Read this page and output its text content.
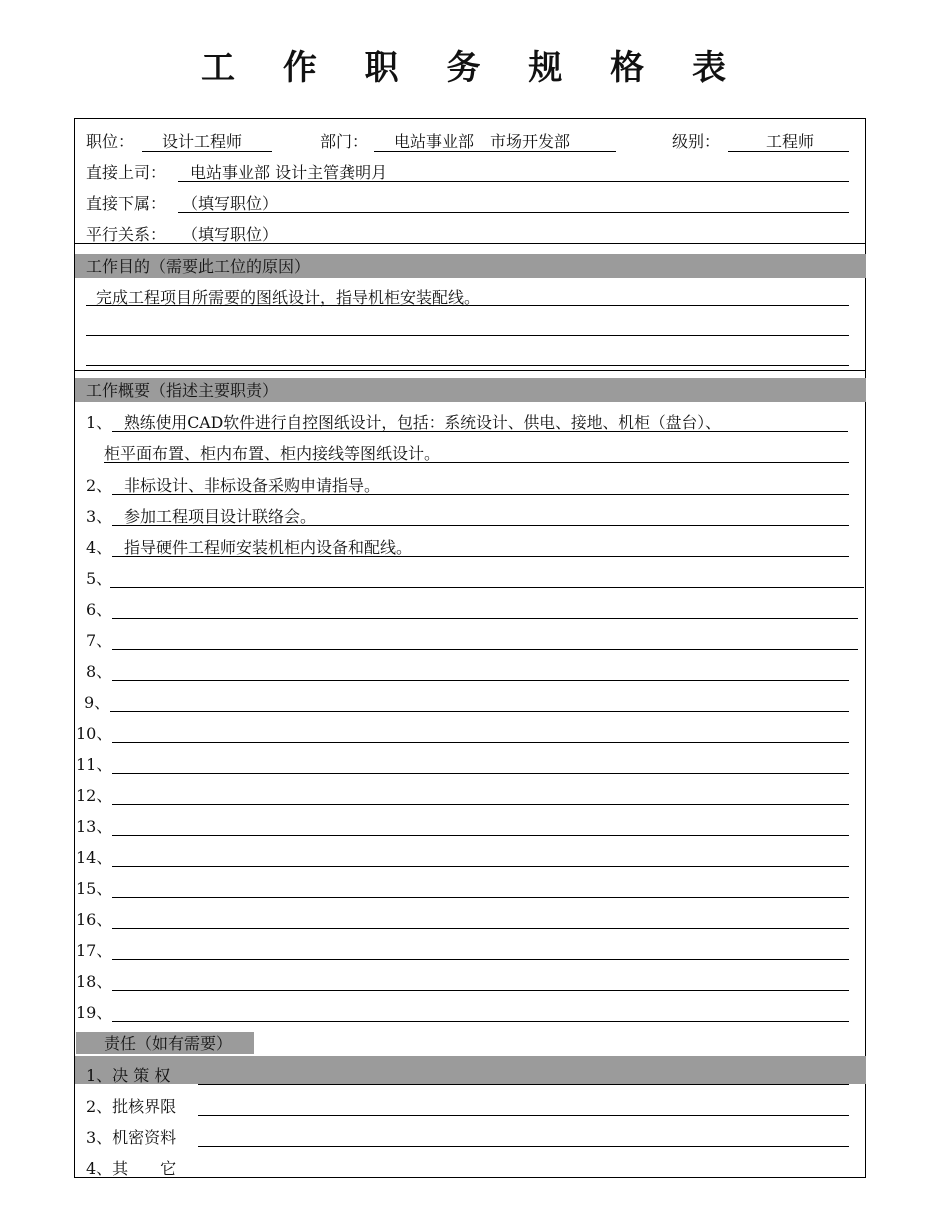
工 作 职 务 规 格 表
职位： 设计工程师	部门： 电站事业部　市场开发部	级别：	工程师
直接上司： 电站事业部 设计主管龚明月
直接下属： （填写职位）
平行关系： （填写职位）
工作目的（需要此工位的原因）
完成工程项目所需要的图纸设计，指导机柜安装配线。
工作概要（指述主要职责）
1、 熟练使用CAD软件进行自控图纸设计，包括：系统设计、供电、接地、机柜（盘台）、
柜平面布置、柜内布置、柜内接线等图纸设计。
2、 非标设计、非标设备采购申请指导。
3、 参加工程项目设计联络会。
4、 指导硬件工程师安装机柜内设备和配线。
5、
6、
7、
8、
9、
10、
11、
12、
13、
14、
15、
16、
17、
18、
19、
责任（如有需要）
1、决 策 权
2、批核界限
3、机密资料
4、其　　它
